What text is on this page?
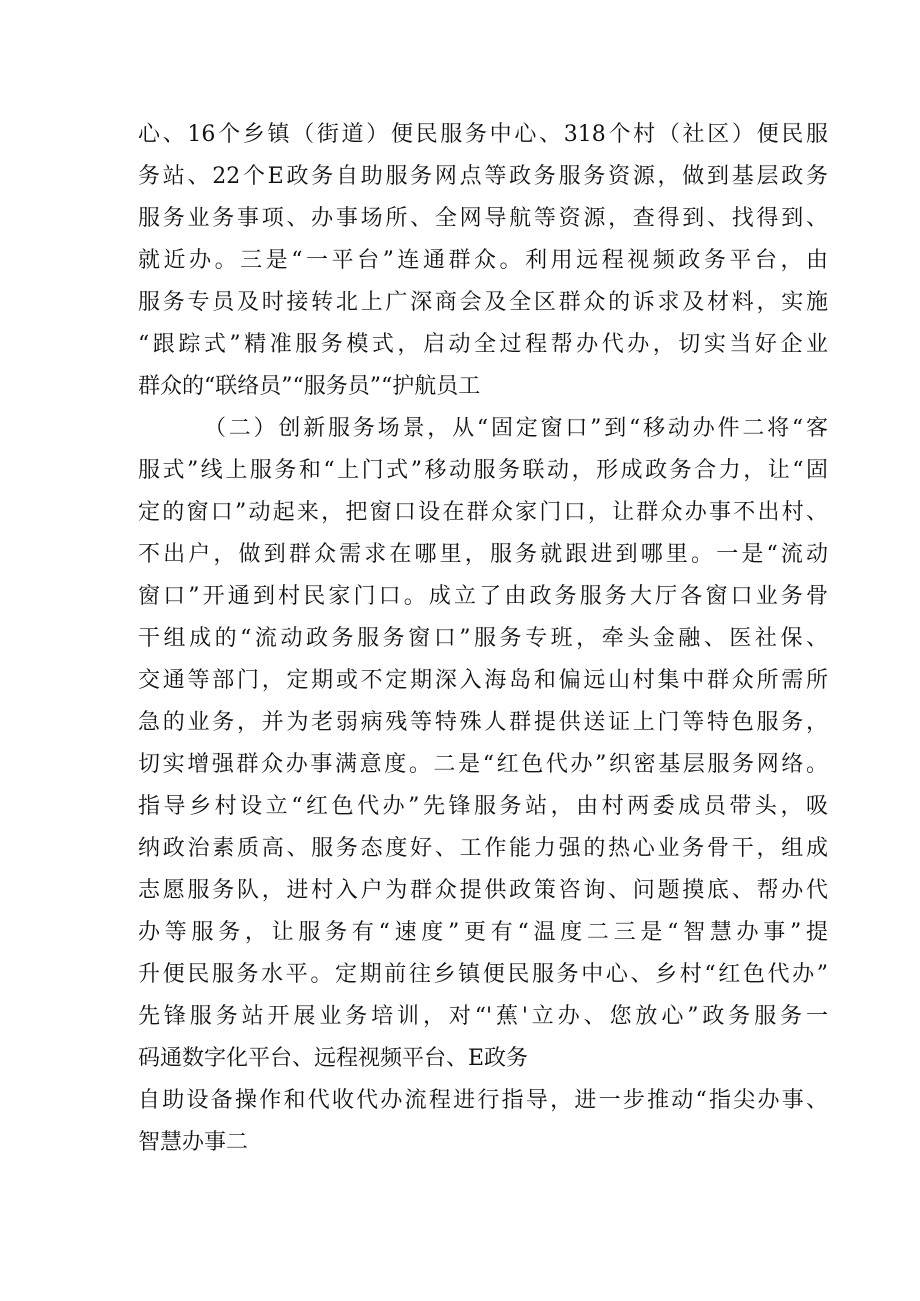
心、16个乡镇（街道）便民服务中心、318个村（社区）便民服
务站、22个E政务自助服务网点等政务服务资源，做到基层政务
服务业务事项、办事场所、全网导航等资源，查得到、找得到、
就近办。三是“一平台”连通群众。利用远程视频政务平台，由
服务专员及时接转北上广深商会及全区群众的诉求及材料，实施
“跟踪式”精准服务模式，启动全过程帮办代办，切实当好企业
群众的“联络员”“服务员”“护航员工
（二）创新服务场景，从“固定窗口”到“移动办件二将“客
服式”线上服务和“上门式”移动服务联动，形成政务合力，让“固
定的窗口”动起来，把窗口设在群众家门口，让群众办事不出村、
不出户，做到群众需求在哪里，服务就跟进到哪里。一是“流动
窗口”开通到村民家门口。成立了由政务服务大厅各窗口业务骨
干组成的“流动政务服务窗口”服务专班，牵头金融、医社保、
交通等部门，定期或不定期深入海岛和偏远山村集中群众所需所
急的业务，并为老弱病残等特殊人群提供送证上门等特色服务，
切实增强群众办事满意度。二是“红色代办”织密基层服务网络。
指导乡村设立“红色代办”先锋服务站，由村两委成员带头，吸
纳政治素质高、服务态度好、工作能力强的热心业务骨干，组成
志愿服务队，进村入户为群众提供政策咨询、问题摸底、帮办代
办等服务，让服务有“速度”更有“温度二三是“智慧办事”提
升便民服务水平。定期前往乡镇便民服务中心、乡村“红色代办”
先锋服务站开展业务培训，对“'蕉'立办、您放心”政务服务一
码通数字化平台、远程视频平台、E政务
自助设备操作和代收代办流程进行指导，进一步推动“指尖办事、
智慧办事二
